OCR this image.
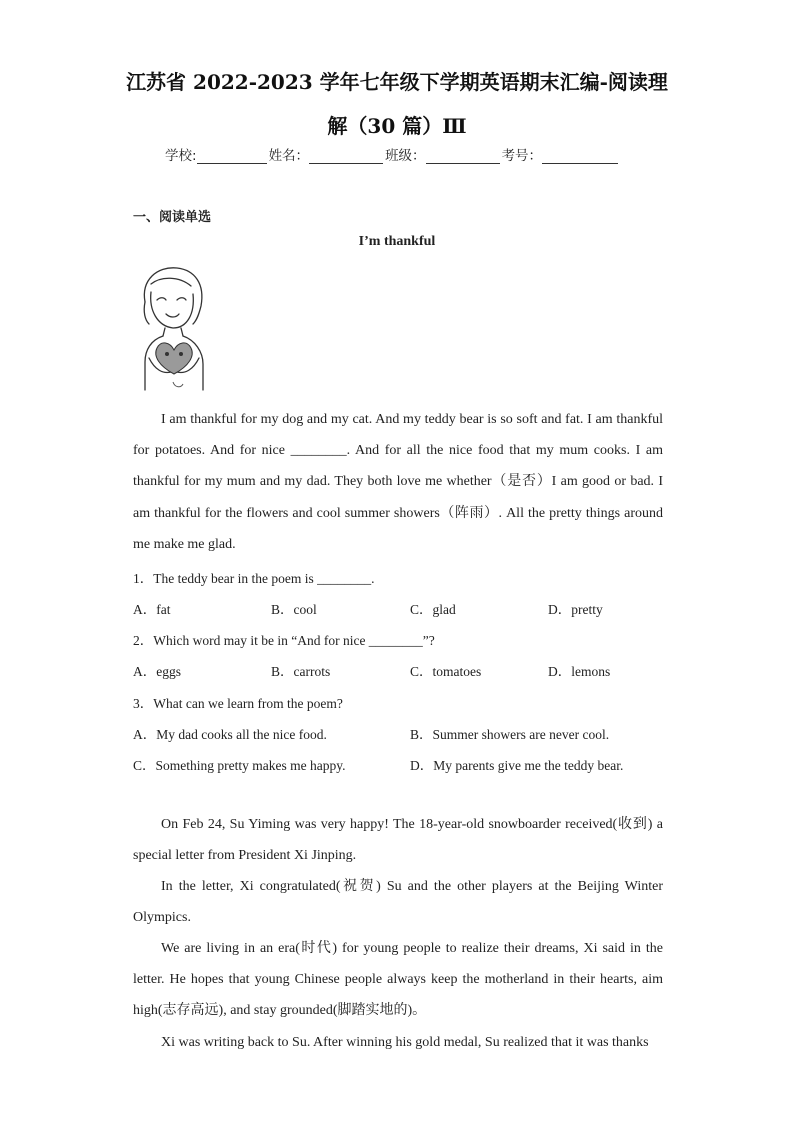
江苏省 2022-2023 学年七年级下学期英语期末汇编-阅读理
解（30 篇）Ⅲ
学校:	姓名：	班级：	考号：
一、阅读单选
I’m thankful
I am thankful for my dog and my cat. And my teddy bear is so soft and fat. I am thankful for potatoes. And for nice ________. And for all the nice food that my mum cooks. I am thankful for my mum and my dad. They both love me whether（是否）I am good or bad. I am thankful for the flowers and cool summer showers（阵雨）. All the pretty things around me make me glad.
1．The teddy bear in the poem is ________.
A．fat	B．cool	C．glad	D．pretty
2．Which word may it be in “And for nice ________”?
A．eggs	B．carrots	C．tomatoes	D．lemons
3．What can we learn from the poem?
A．My dad cooks all the nice food.	B．Summer showers are never cool.
C．Something pretty makes me happy.	D．My parents give me the teddy bear.
On Feb 24, Su Yiming was very happy! The 18-year-old snowboarder received(收到) a special letter from President Xi Jinping.
In the letter, Xi congratulated(祝贺) Su and the other players at the Beijing Winter Olympics.
We are living in an era(时代) for young people to realize their dreams, Xi said in the letter. He hopes that young Chinese people always keep the motherland in their hearts, aim high(志存高远), and stay grounded(脚踏实地的)。
Xi was writing back to Su. After winning his gold medal, Su realized that it was thanks
